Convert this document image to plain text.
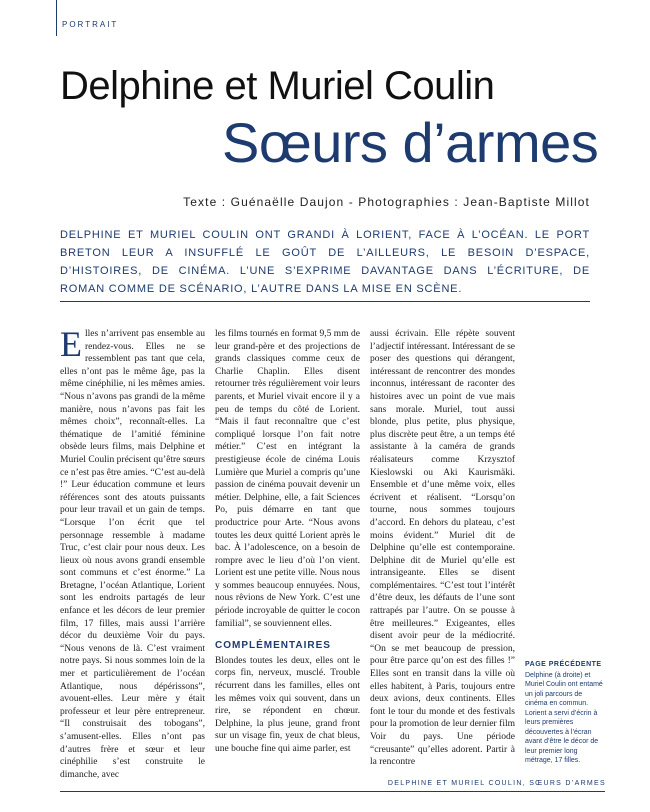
PORTRAIT
Delphine et Muriel Coulin
Sœurs d’armes
Texte : Guénaëlle Daujon - Photographies : Jean-Baptiste Millot
DELPHINE ET MURIEL COULIN ONT GRANDI À LORIENT, FACE À L’OCÉAN. LE PORT BRETON LEUR A INSUFFLÉ LE GOÛT DE L’AILLEURS, LE BESOIN D’ESPACE, D’HISTOIRES, DE CINÉMA. L’UNE S’EXPRIME DAVANTAGE DANS L’ÉCRITURE, DE ROMAN COMME DE SCÉNARIO, L’AUTRE DANS LA MISE EN SCÈNE.
E lles n’arrivent pas ensemble au rendez-vous. Elles ne se ressemblent pas tant que cela, elles n’ont pas le même âge, pas la même cinéphilie, ni les mêmes amies. “Nous n’avons pas grandi de la même manière, nous n’avons pas fait les mêmes choix”, reconnaît-elles. La thématique de l’amitié féminine obsède leurs films, mais Delphine et Muriel Coulin précisent qu’être sœurs ce n’est pas être amies. “C’est au-delà !” Leur éducation commune et leurs références sont des atouts puissants pour leur travail et un gain de temps. “Lorsque l’on écrit que tel personnage ressemble à madame Truc, c’est clair pour nous deux. Les lieux où nous avons grandi ensemble sont communs et c’est énorme.” La Bretagne, l’océan Atlantique, Lorient sont les endroits partagés de leur enfance et les décors de leur premier film, 17 filles, mais aussi l’arrière décor du deuxième Voir du pays. “Nous venons de là. C’est vraiment notre pays. Si nous sommes loin de la mer et particulièrement de l’océan Atlantique, nous dépérissons”, avouent-elles. Leur mère y était professeur et leur père entrepreneur. “Il construisait des tobogans”, s’amusent-elles. Elles n’ont pas d’autres frère et sœur et leur cinéphilie s’est construite le dimanche, avec

les films tournés en format 9,5 mm de leur grand-père et des projections de grands classiques comme ceux de Charlie Chaplin. Elles disent retourner très régulièrement voir leurs parents, et Muriel vivait encore il y a peu de temps du côté de Lorient. “Mais il faut reconnaître que c’est compliqué lorsque l’on fait notre métier.” C’est en intégrant la prestigieuse école de cinéma Louis Lumière que Muriel a compris qu’une passion de cinéma pouvait devenir un métier. Delphine, elle, a fait Sciences Po, puis démarre en tant que productrice pour Arte. “Nous avons toutes les deux quitté Lorient après le bac. À l’adolescence, on a besoin de rompre avec le lieu d’où l’on vient. Lorient est une petite ville. Nous nous y sommes beaucoup ennuyées. Nous, nous rêvions de New York. C’est une période incroyable de quitter le cocon familial”, se souviennent elles.

COMPLÉMENTAIRES

Blondes toutes les deux, elles ont le corps fin, nerveux, musclé. Trouble récurrent dans les familles, elles ont les mêmes voix qui souvent, dans un rire, se répondent en chœur. Delphine, la plus jeune, grand front sur un visage fin, yeux de chat bleus, une bouche fine qui aime parler, est

aussi écrivain. Elle répète souvent l’adjectif intéressant. Intéressant de se poser des questions qui dérangent, intéressant de rencontrer des mondes inconnus, intéressant de raconter des histoires avec un point de vue mais sans morale. Muriel, tout aussi blonde, plus petite, plus physique, plus discrète peut être, a un temps été assistante à la caméra de grands réalisateurs comme Krzysztof Kieslowski ou Aki Kaurismäki. Ensemble et d’une même voix, elles écrivent et réalisent. “Lorsqu’on tourne, nous sommes toujours d’accord. En dehors du plateau, c’est moins évident.” Muriel dit de Delphine qu’elle est contemporaine. Delphine dit de Muriel qu’elle est intransigeante. Elles se disent complémentaires. “C’est tout l’intérêt d’être deux, les défauts de l’une sont rattrapés par l’autre. On se pousse à être meilleures.” Exigeantes, elles disent avoir peur de la médiocrité. “On se met beaucoup de pression, pour être parce qu’on est des filles !” Elles sont en transit dans la ville où elles habitent, à Paris, toujours entre deux avions, deux continents. Elles font le tour du monde et des festivals pour la promotion de leur dernier film Voir du pays. Une période “creusante” qu’elles adorent. Partir à la rencontre

PAGE PRÉCÉDENTE
Delphine (à droite) et Muriel Coulin ont entamé un joli parcours de cinéma en commun. Lorient a servi d’écrin à leurs premières découvertes à l’écran avant d’être le décor de leur premier long métrage, 17 filles.
DELPHINE ET MURIEL COULIN, SŒURS D’ARMES
